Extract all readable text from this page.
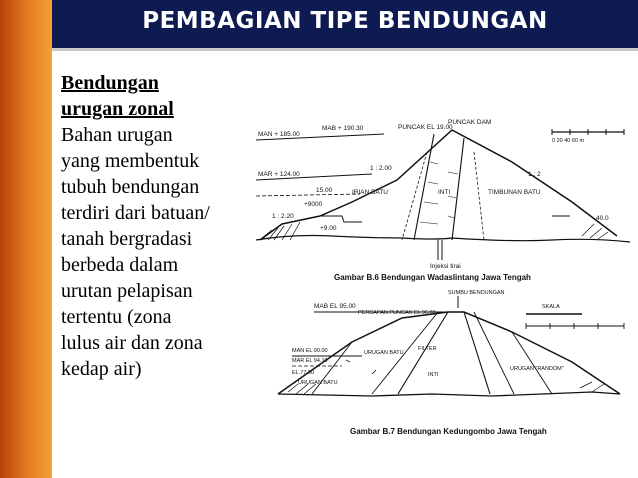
PEMBAGIAN TIPE BENDUNGAN
Bendungan
urugan zonal
Bahan urugan
yang membentuk
tubuh bendungan
terdiri dari batuan/
tanah bergradasi
berbeda dalam
urutan pelapisan
tertentu (zona
lulus air dan zona
kedap air)
MAN + 185.00
MAB + 190.30	PUNCAK EL 19.00
PUNCAK DAM
MAR + 124.00
15.00
+9000
+9.00
40.0
IRIAN BATU	INTI	TIMBUNAN BATU
Injeksi tirai
1 : 2.00
1 : 2
1 : 2.20
0 20 40 60 m
Gambar B.6 Bendungan Wadaslintang Jawa Tengah
SUMBU BENDUNGAN
MAB EL 95.00
PERCAPAN PUNCAK EL 96.00
MAN EL 90.00
MAR EL 94.10
EL.77.00
URUGAN BATU
FILTER
INTI
URUGAN "RANDOM"
URUGAN BATU
SKALA
Gambar B.7 Bendungan Kedungombo Jawa Tengah
